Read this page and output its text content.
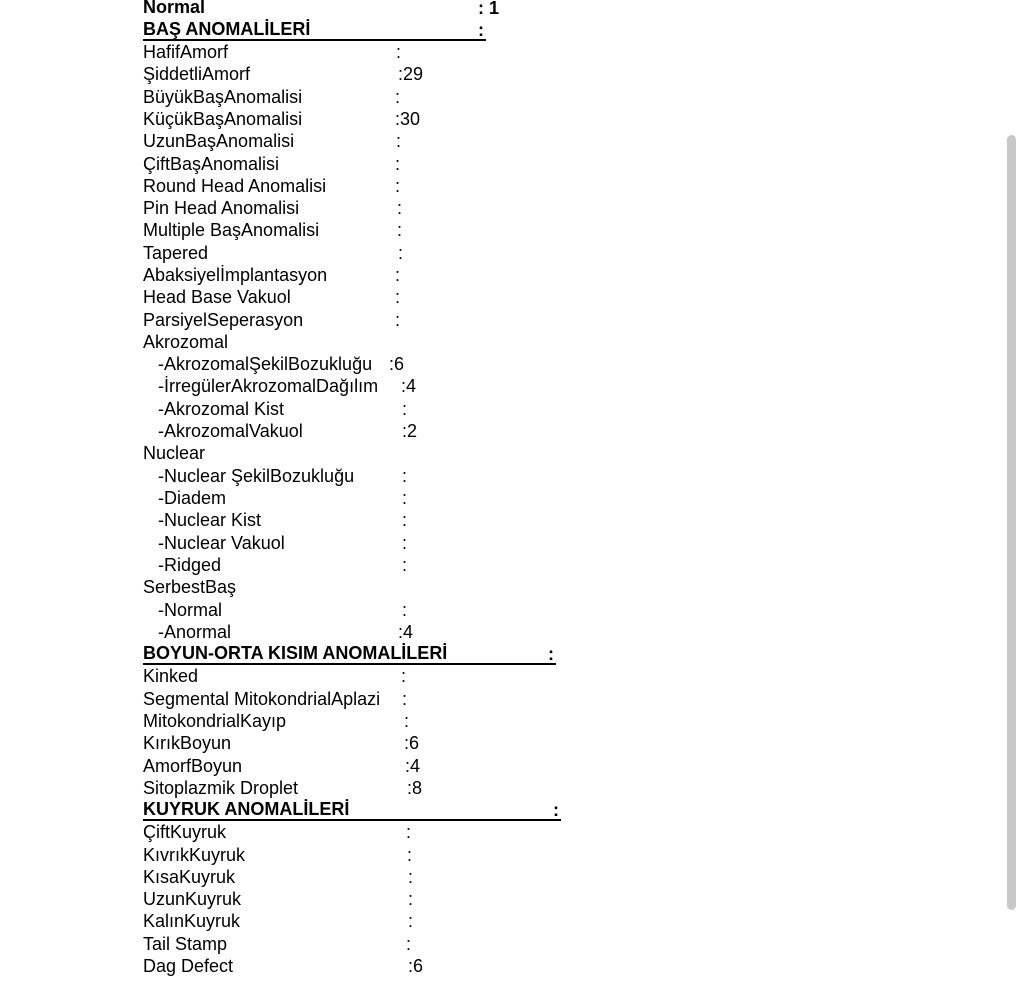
Normal	: 1
BAŞ ANOMALİLERİ	:
HafifAmorf	:
ŞiddetliAmorf	:29
BüyükBaşAnomalisi	:
KüçükBaşAnomalisi	:30
UzunBaşAnomalisi	:
ÇiftBaşAnomalisi	:
Round Head Anomalisi	:
Pin Head Anomalisi	:
Multiple BaşAnomalisi	:
Tapered	:
Abaksiyelİmplantasyon	:
Head Base Vakuol	:
ParsiyelSeperasyon	:
Akrozomal
-AkrozomalŞekilBozukluğu :6
-İrregülerAkrozomalDağılım :4
-Akrozomal Kist	:
-AkrozomalVakuol	:2
Nuclear
-Nuclear ŞekilBozukluğu	:
-Diadem	:
-Nuclear Kist	:
-Nuclear Vakuol	:
-Ridged	:
SerbestBaş
-Normal	:
-Anormal	:4
BOYUN-ORTA KISIM ANOMALİLERİ	:
Kinked	:
Segmental MitokondrialAplazi :
MitokondrialKayıp	:
KırıkBoyun	:6
AmorfBoyun	:4
Sitoplazmik Droplet	:8
KUYRUK ANOMALİLERİ	:
ÇiftKuyruk	:
KıvrıkKuyruk	:
KısaKuyruk	:
UzunKuyruk	:
KalınKuyruk	:
Tail Stamp	:
Dag Defect	:6
